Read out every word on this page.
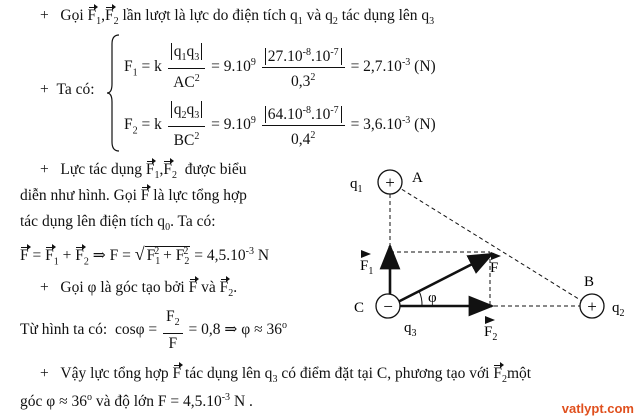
+ Gọi $F_1,F_2$ lần lượt là lực do điện tích $q_1$ và $q_2$ tác dụng lên $q_3$
+ Ta có:
$F_1 = k \frac{q_1q_3}{AC^2} = 9.10^9 \frac{27.10^{-8}.10^{-7}}{0,3^2} = 2,7.10^{-3}$ (N)
$F_2 = k \frac{q_2q_3}{BC^2} = 9.10^9 \frac{64.10^{-8}.10^{-7}}{0,4^2} = 3,6.10^{-3}$ (N)
+ Lực tác dụng $F_1,F_2$ được biểu
diễn như hình. Gọi F là lực tổng hợp
tác dụng lên điện tích $q_0$. Ta có:
$F = F_1 + F_2$ ⇒ F = √ $F_1^2 + F_2^2 = 4,5.10^{-3}$ N
+ Gọi φ là góc tạo bởi F và $F_2$.
Từ hình ta có: $\cos\varphi = \frac{F_2}{F} = 0,8$ ⇒ $\varphi \approx 36^o$
+ Vậy lực tổng hợp F tác dụng lên $q_3$ có điểm đặt tại C, phương tạo với $F_2một$
góc $\varphi \approx 36^o$ và độ lớn $F = 4,5.10^{-3}$ N .
+
+
−
A
B
C
$q_1$
$q_2$
$q_3$
φ
$F_1$	F
$F_2$
vatlypt.com
